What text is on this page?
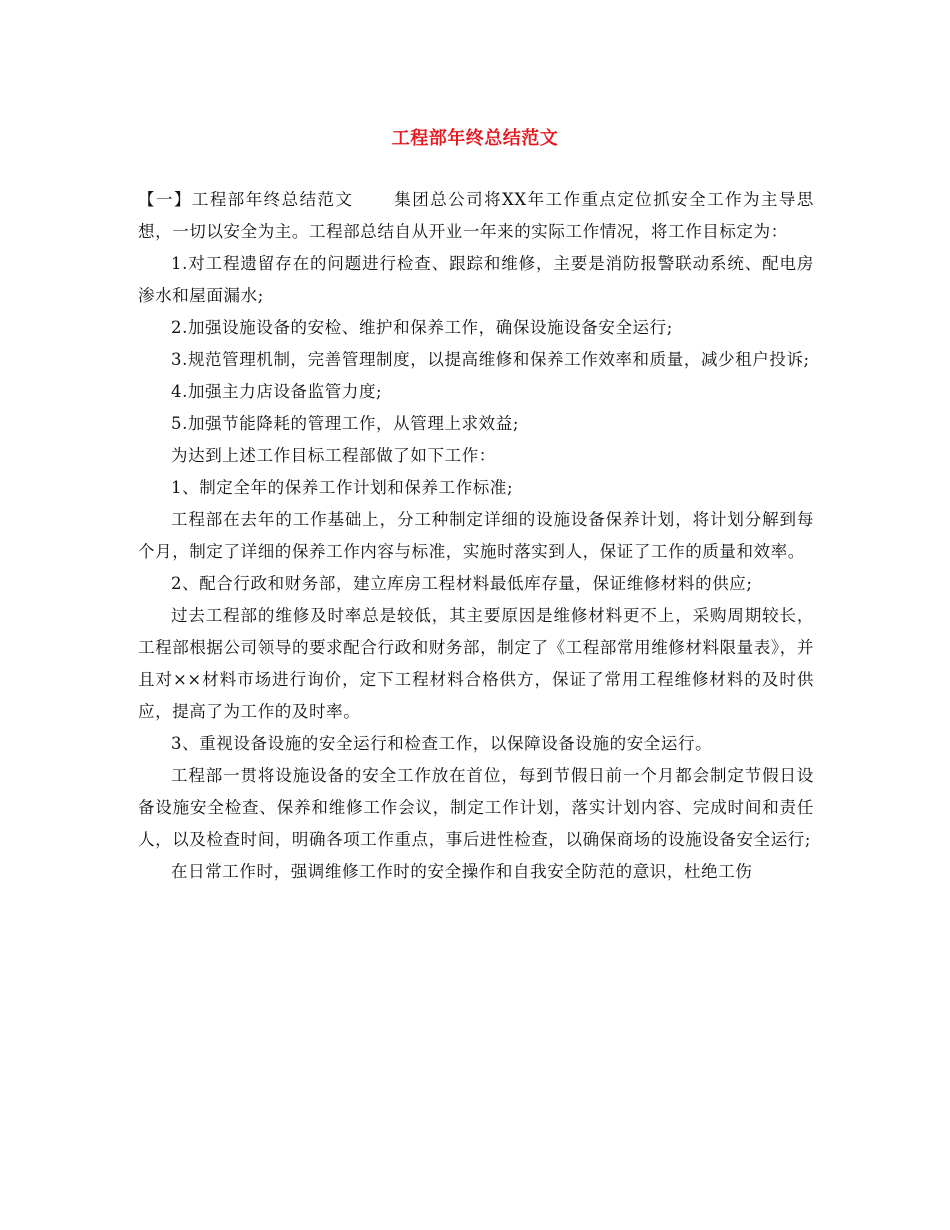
工程部年终总结范文

【一】工程部年终总结范文 集团总公司将XX年工作重点定位抓安全工作为主导思想，一切以安全为主。工程部总结自从开业一年来的实际工作情况，将工作目标定为：

1.对工程遗留存在的问题进行检查、跟踪和维修，主要是消防报警联动系统、配电房渗水和屋面漏水;

2.加强设施设备的安检、维护和保养工作，确保设施设备安全运行;

3.规范管理机制，完善管理制度，以提高维修和保养工作效率和质量，减少租户投诉;

4.加强主力店设备监管力度;

5.加强节能降耗的管理工作，从管理上求效益;

为达到上述工作目标工程部做了如下工作：

1、制定全年的保养工作计划和保养工作标准;

工程部在去年的工作基础上，分工种制定详细的设施设备保养计划，将计划分解到每个月，制定了详细的保养工作内容与标准，实施时落实到人，保证了工作的质量和效率。

2、配合行政和财务部，建立库房工程材料最低库存量，保证维修材料的供应;

过去工程部的维修及时率总是较低，其主要原因是维修材料更不上，采购周期较长，工程部根据公司领导的要求配合行政和财务部，制定了《工程部常用维修材料限量表》，并且对××材料市场进行询价，定下工程材料合格供方，保证了常用工程维修材料的及时供应，提高了为工作的及时率。

3、重视设备设施的安全运行和检查工作，以保障设备设施的安全运行。

工程部一贯将设施设备的安全工作放在首位，每到节假日前一个月都会制定节假日设备设施安全检查、保养和维修工作会议，制定工作计划，落实计划内容、完成时间和责任人，以及检查时间，明确各项工作重点，事后进性检查，以确保商场的设施设备安全运行;

在日常工作时，强调维修工作时的安全操作和自我安全防范的意识，杜绝工伤
